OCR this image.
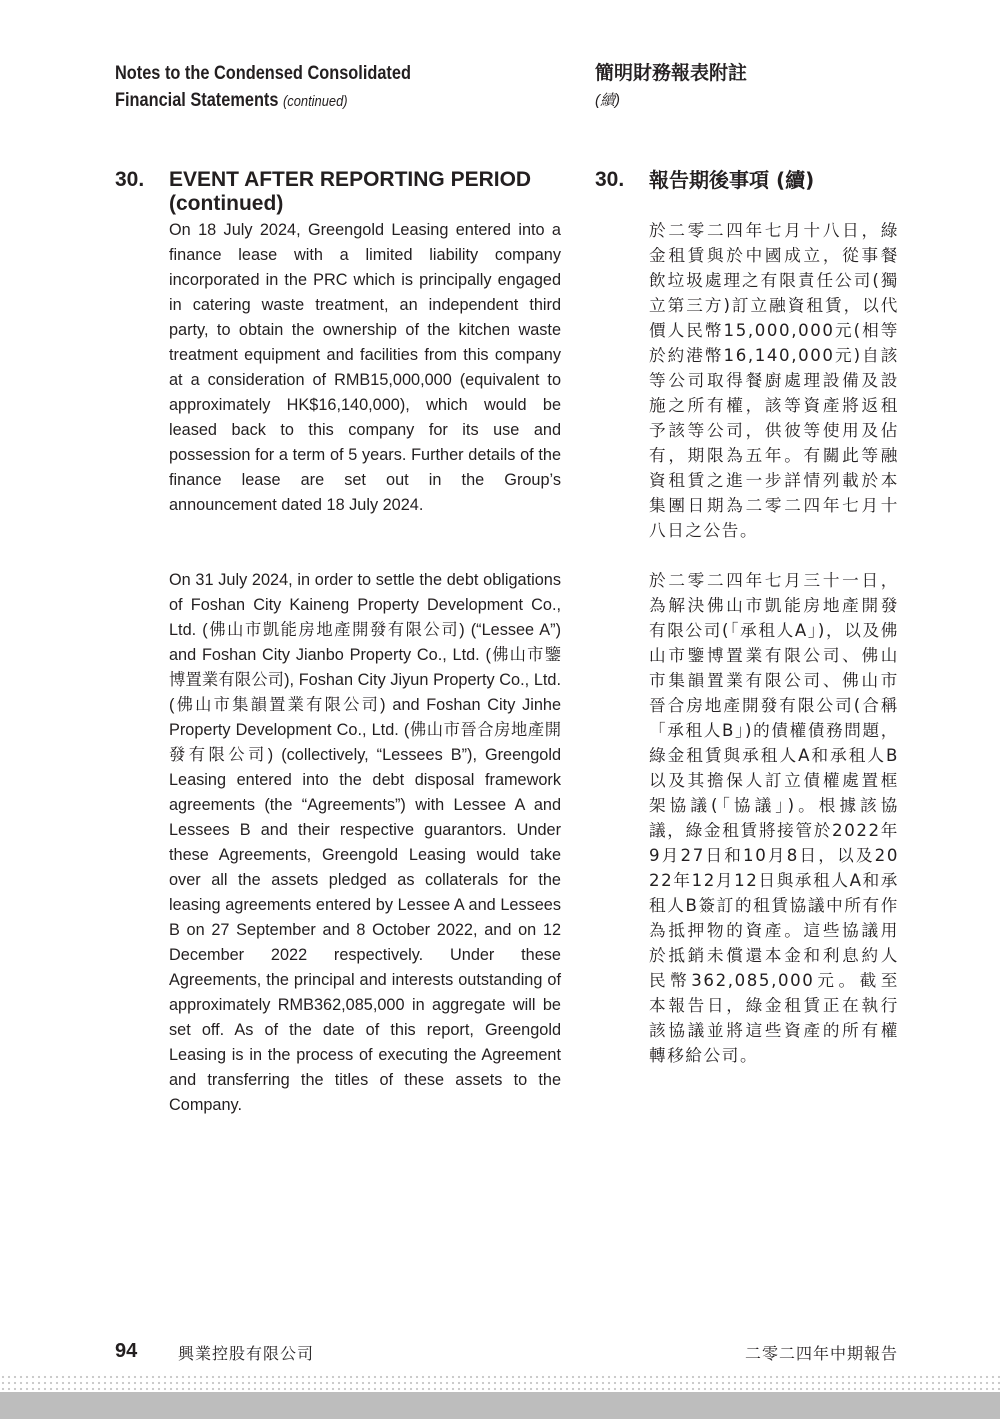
Notes to the Condensed Consolidated
Financial Statements (continued)
簡明財務報表附註
(續)
30. EVENT AFTER REPORTING PERIOD (continued)
30. 報告期後事項 (續)

On 18 July 2024, Greengold Leasing entered into a finance lease with a limited liability company incorporated in the PRC which is principally engaged in catering waste treatment, an independent third party, to obtain the ownership of the kitchen waste treatment equipment and facilities from this company at a consideration of RMB15,000,000 (equivalent to approximately HK$16,140,000), which would be leased back to this company for its use and possession for a term of 5 years. Further details of the finance lease are set out in the Group’s announcement dated 18 July 2024.

On 31 July 2024, in order to settle the debt obligations of Foshan City Kaineng Property Development Co., Ltd. (佛山市凱能房地產開發有限公司) (“Lessee A”) and Foshan City Jianbo Property Co., Ltd. (佛山市鑒博置業有限公司), Foshan City Jiyun Property Co., Ltd. (佛山市集韻置業有限公司) and Foshan City Jinhe Property Development Co., Ltd. (佛山市晉合房地產開發有限公司) (collectively, “Lessees B”), Greengold Leasing entered into the debt disposal framework agreements (the “Agreements”) with Lessee A and Lessees B and their respective guarantors. Under these Agreements, Greengold Leasing would take over all the assets pledged as collaterals for the leasing agreements entered by Lessee A and Lessees B on 27 September and 8 October 2022, and on 12 December 2022 respectively. Under these Agreements, the principal and interests outstanding of approximately RMB362,085,000 in aggregate will be set off. As of the date of this report, Greengold Leasing is in the process of executing the Agreement and transferring the titles of these assets to the Company.

於二零二四年七月十八日，綠金租賃與於中國成立，從事餐飲垃圾處理之有限責任公司(獨立第三方)訂立融資租賃，以代價人民幣15,000,000元(相等於約港幣16,140,000元)自該等公司取得餐廚處理設備及設施之所有權，該等資產將返租予該等公司，供彼等使用及佔有，期限為五年。有關此等融資租賃之進一步詳情列載於本集團日期為二零二四年七月十八日之公告。

於二零二四年七月三十一日，為解決佛山市凱能房地產開發有限公司(「承租人A」)，以及佛山市鑒博置業有限公司、佛山市集韻置業有限公司、佛山市晉合房地產開發有限公司(合稱「承租人B」)的債權債務問題，綠金租賃與承租人A和承租人B以及其擔保人訂立債權處置框架協議(「協議」)。根據該協議，綠金租賃將接管於2022年9月27日和10月8日，以及2022年12月12日與承租人A和承租人B簽訂的租賃協議中所有作為抵押物的資產。這些協議用於抵銷未償還本金和利息約人民幣362,085,000元。截至本報告日，綠金租賃正在執行該協議並將這些資產的所有權轉移給公司。

94	興業控股有限公司	二零二四年中期報告
